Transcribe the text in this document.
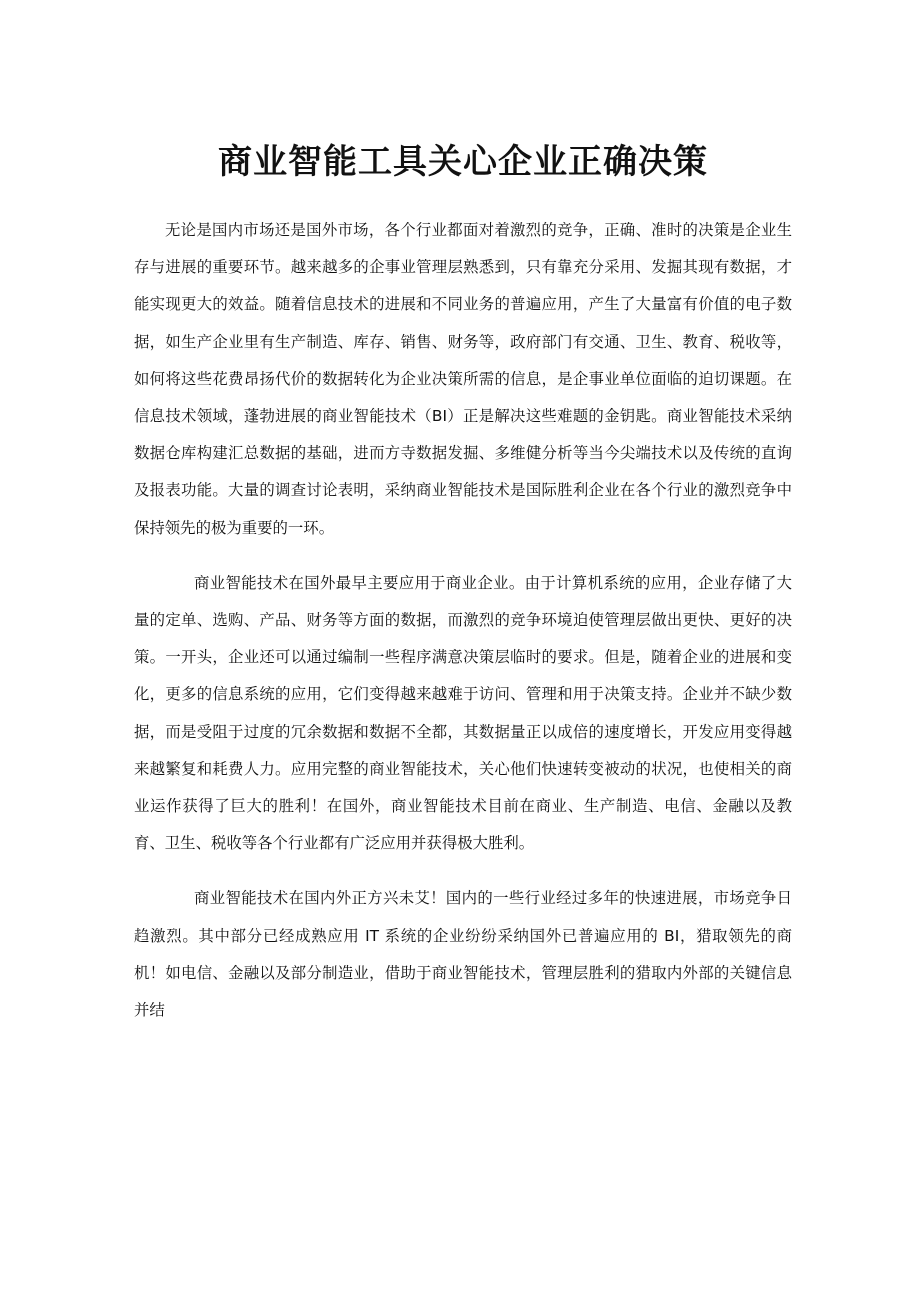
商业智能工具关心企业正确决策

无论是国内市场还是国外市场，各个行业都面对着激烈的竞争，正确、准时的决策是企业生存与进展的重要环节。越来越多的企事业管理层熟悉到，只有靠充分采用、发掘其现有数据，才能实现更大的效益。随着信息技术的进展和不同业务的普遍应用，产生了大量富有价值的电子数据，如生产企业里有生产制造、库存、销售、财务等，政府部门有交通、卫生、教育、税收等，如何将这些花费昂扬代价的数据转化为企业决策所需的信息，是企事业单位面临的迫切课题。在信息技术领域，蓬勃进展的商业智能技术（BI）正是解决这些难题的金钥匙。商业智能技术采纳数据仓库构建汇总数据的基础，进而方寺数据发掘、多维健分析等当今尖端技术以及传统的直询及报表功能。大量的调查讨论表明，采纳商业智能技术是国际胜利企业在各个行业的激烈竞争中保持领先的极为重要的一环。

商业智能技术在国外最早主要应用于商业企业。由于计算机系统的应用，企业存储了大量的定单、选购、产品、财务等方面的数据，而激烈的竞争环境迫使管理层做出更快、更好的决策。一开头，企业还可以通过编制一些程序满意决策层临时的要求。但是，随着企业的进展和变化，更多的信息系统的应用，它们变得越来越难于访问、管理和用于决策支持。企业并不缺少数据，而是受阻于过度的冗余数据和数据不全都，其数据量正以成倍的速度增长，开发应用变得越来越繁复和耗费人力。应用完整的商业智能技术，关心他们快速转变被动的状况，也使相关的商业运作获得了巨大的胜利！在国外，商业智能技术目前在商业、生产制造、电信、金融以及教育、卫生、税收等各个行业都有广泛应用并获得极大胜利。

商业智能技术在国内外正方兴未艾！国内的一些行业经过多年的快速进展，市场竞争日趋激烈。其中部分已经成熟应用 IT 系统的企业纷纷采纳国外已普遍应用的 BI，猎取领先的商机！如电信、金融以及部分制造业，借助于商业智能技术，管理层胜利的猎取内外部的关键信息并结
